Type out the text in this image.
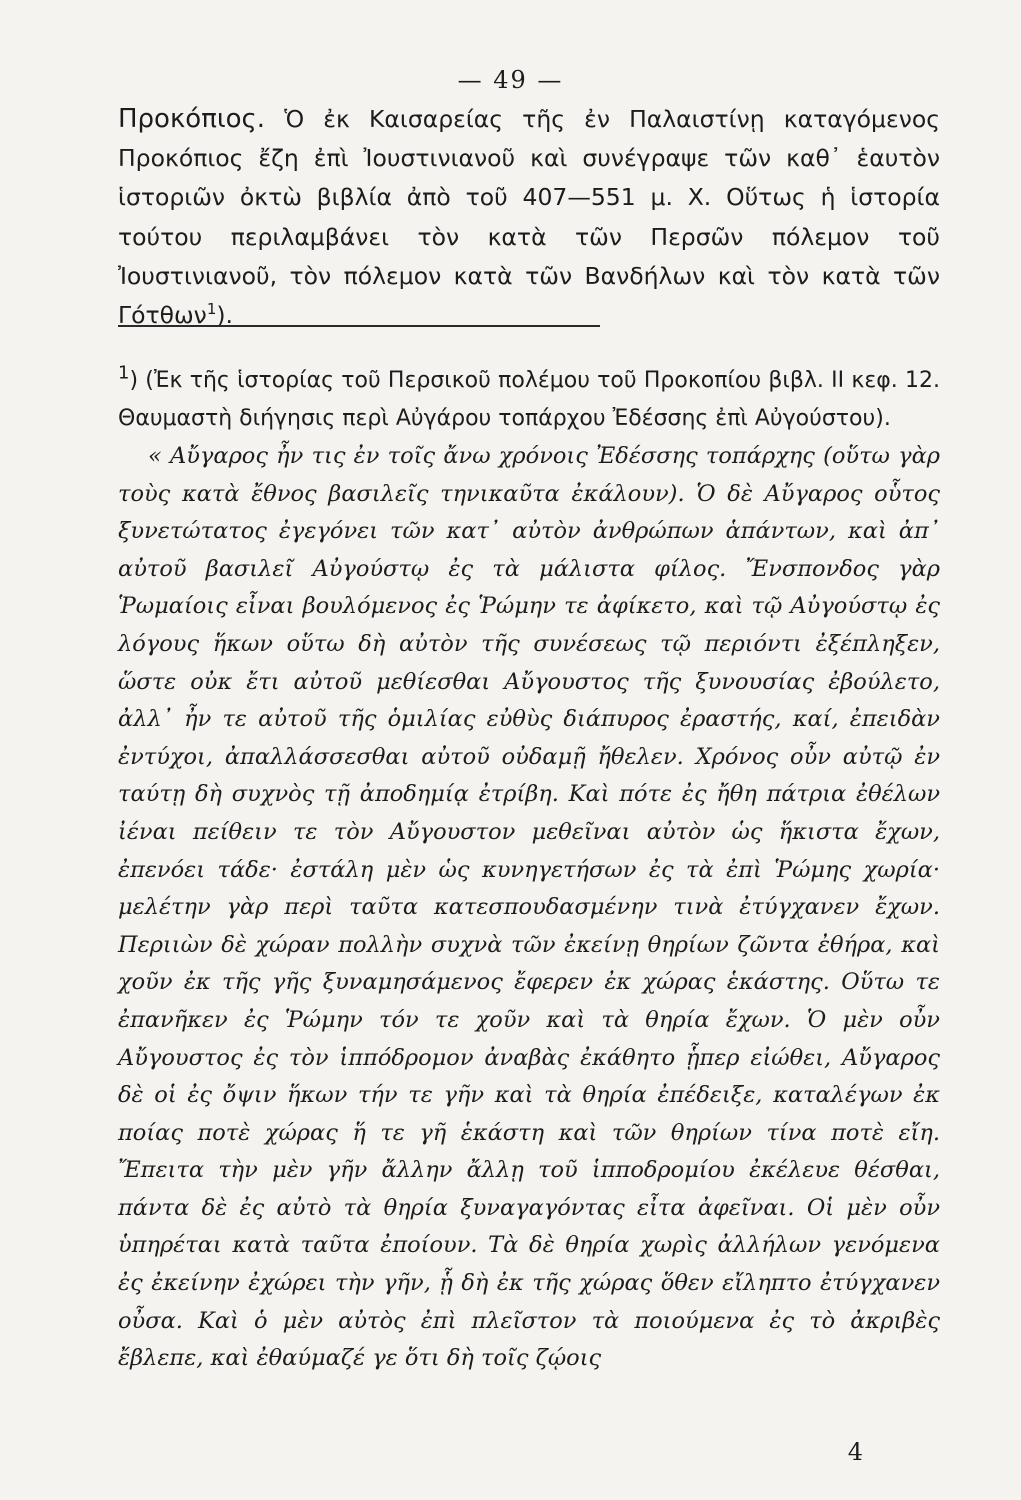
— 49 —
Προκόπιος. Ὁ ἐκ Καισαρείας τῆς ἐν Παλαιστίνῃ καταγόμενος Προκόπιος ἔζη ἐπὶ Ἰουστινιανοῦ καὶ συνέγραψε τῶν καθ᾿ ἑαυτὸν ἱστοριῶν ὀκτὼ βιβλία ἀπὸ τοῦ 407—551 μ. Χ. Οὕτως ἡ ἱστορία τούτου περιλαμβάνει τὸν κατὰ τῶν Περσῶν πόλεμον τοῦ Ἰουστινιανοῦ, τὸν πόλεμον κατὰ τῶν Βανδήλων καὶ τὸν κατὰ τῶν Γότθων$^1$).
$^1$) (Ἐκ τῆς ἱστορίας τοῦ Περσικοῦ πολέμου τοῦ Προκοπίου βιβλ. ΙΙ κεφ. 12. Θαυμαστὴ διήγησις περὶ Αὐγάρου τοπάρχου Ἐδέσσης ἐπὶ Αὐγούστου).
« Αὔγαρος ἦν τις ἐν τοῖς ἄνω χρόνοις Ἐδέσσης τοπάρχης (οὕτω γὰρ τοὺς κατὰ ἔθνος βασιλεῖς τηνικαῦτα ἐκάλουν). Ὁ δὲ Αὔγαρος οὗτος ξυνετώτατος ἐγεγόνει τῶν κατ᾿ αὐτὸν ἀνθρώπων ἁπάντων, καὶ ἀπ᾿ αὐτοῦ βασιλεῖ Αὐγούστῳ ἐς τὰ μάλιστα φίλος. Ἔνσπονδος γὰρ Ῥωμαίοις εἶναι βουλόμενος ἐς Ῥώμην τε ἀφίκετο, καὶ τῷ Αὐγούστῳ ἐς λόγους ἥκων οὕτω δὴ αὐτὸν τῆς συνέσεως τῷ περιόντι ἐξέπληξεν, ὥστε οὐκ ἔτι αὐτοῦ μεθίεσθαι Αὔγουστος τῆς ξυνουσίας ἐβούλετο, ἀλλ᾿ ἦν τε αὐτοῦ τῆς ὁμιλίας εὐθὺς διάπυρος ἐραστής, καί, ἐπειδὰν ἐντύχοι, ἀπαλλάσσεσθαι αὐτοῦ οὐδαμῇ ἤθελεν. Χρόνος οὖν αὐτῷ ἐν ταύτῃ δὴ συχνὸς τῇ ἀποδημίᾳ ἐτρίβη. Καὶ πότε ἐς ἤθη πάτρια ἐθέλων ἰέναι πείθειν τε τὸν Αὔγουστον μεθεῖναι αὐτὸν ὡς ἥκιστα ἔχων, ἐπενόει τάδε· ἐστάλη μὲν ὡς κυνηγετήσων ἐς τὰ ἐπὶ Ῥώμης χωρία· μελέτην γὰρ περὶ ταῦτα κατεσπουδασμένην τινὰ ἐτύγχανεν ἔχων. Περιιὼν δὲ χώραν πολλὴν συχνὰ τῶν ἐκείνῃ θηρίων ζῶντα ἐθήρα, καὶ χοῦν ἐκ τῆς γῆς ξυναμησάμενος ἔφερεν ἐκ χώρας ἑκάστης. Οὕτω τε ἐπανῆκεν ἐς Ῥώμην τόν τε χοῦν καὶ τὰ θηρία ἔχων. Ὁ μὲν οὖν Αὔγουστος ἐς τὸν ἱππόδρομον ἀναβὰς ἐκάθητο ᾗπερ εἰώθει, Αὔγαρος δὲ οἱ ἐς ὄψιν ἥκων τήν τε γῆν καὶ τὰ θηρία ἐπέδειξε, καταλέγων ἐκ ποίας ποτὲ χώρας ἥ τε γῆ ἑκάστη καὶ τῶν θηρίων τίνα ποτὲ εἴη. Ἔπειτα τὴν μὲν γῆν ἄλλην ἄλλῃ τοῦ ἱπποδρομίου ἐκέλευε θέσθαι, πάντα δὲ ἐς αὐτὸ τὰ θηρία ξυναγαγόντας εἶτα ἀφεῖναι. Οἱ μὲν οὖν ὑπηρέται κατὰ ταῦτα ἐποίουν. Τὰ δὲ θηρία χωρὶς ἀλλήλων γενόμενα ἐς ἐκείνην ἐχώρει τὴν γῆν, ᾗ δὴ ἐκ τῆς χώρας ὅθεν εἴληπτο ἐτύγχανεν οὖσα. Καὶ ὁ μὲν αὐτὸς ἐπὶ πλεῖστον τὰ ποιούμενα ἐς τὸ ἀκριβὲς ἔβλεπε, καὶ ἐθαύμαζέ γε ὅτι δὴ τοῖς ζῴοις
4
